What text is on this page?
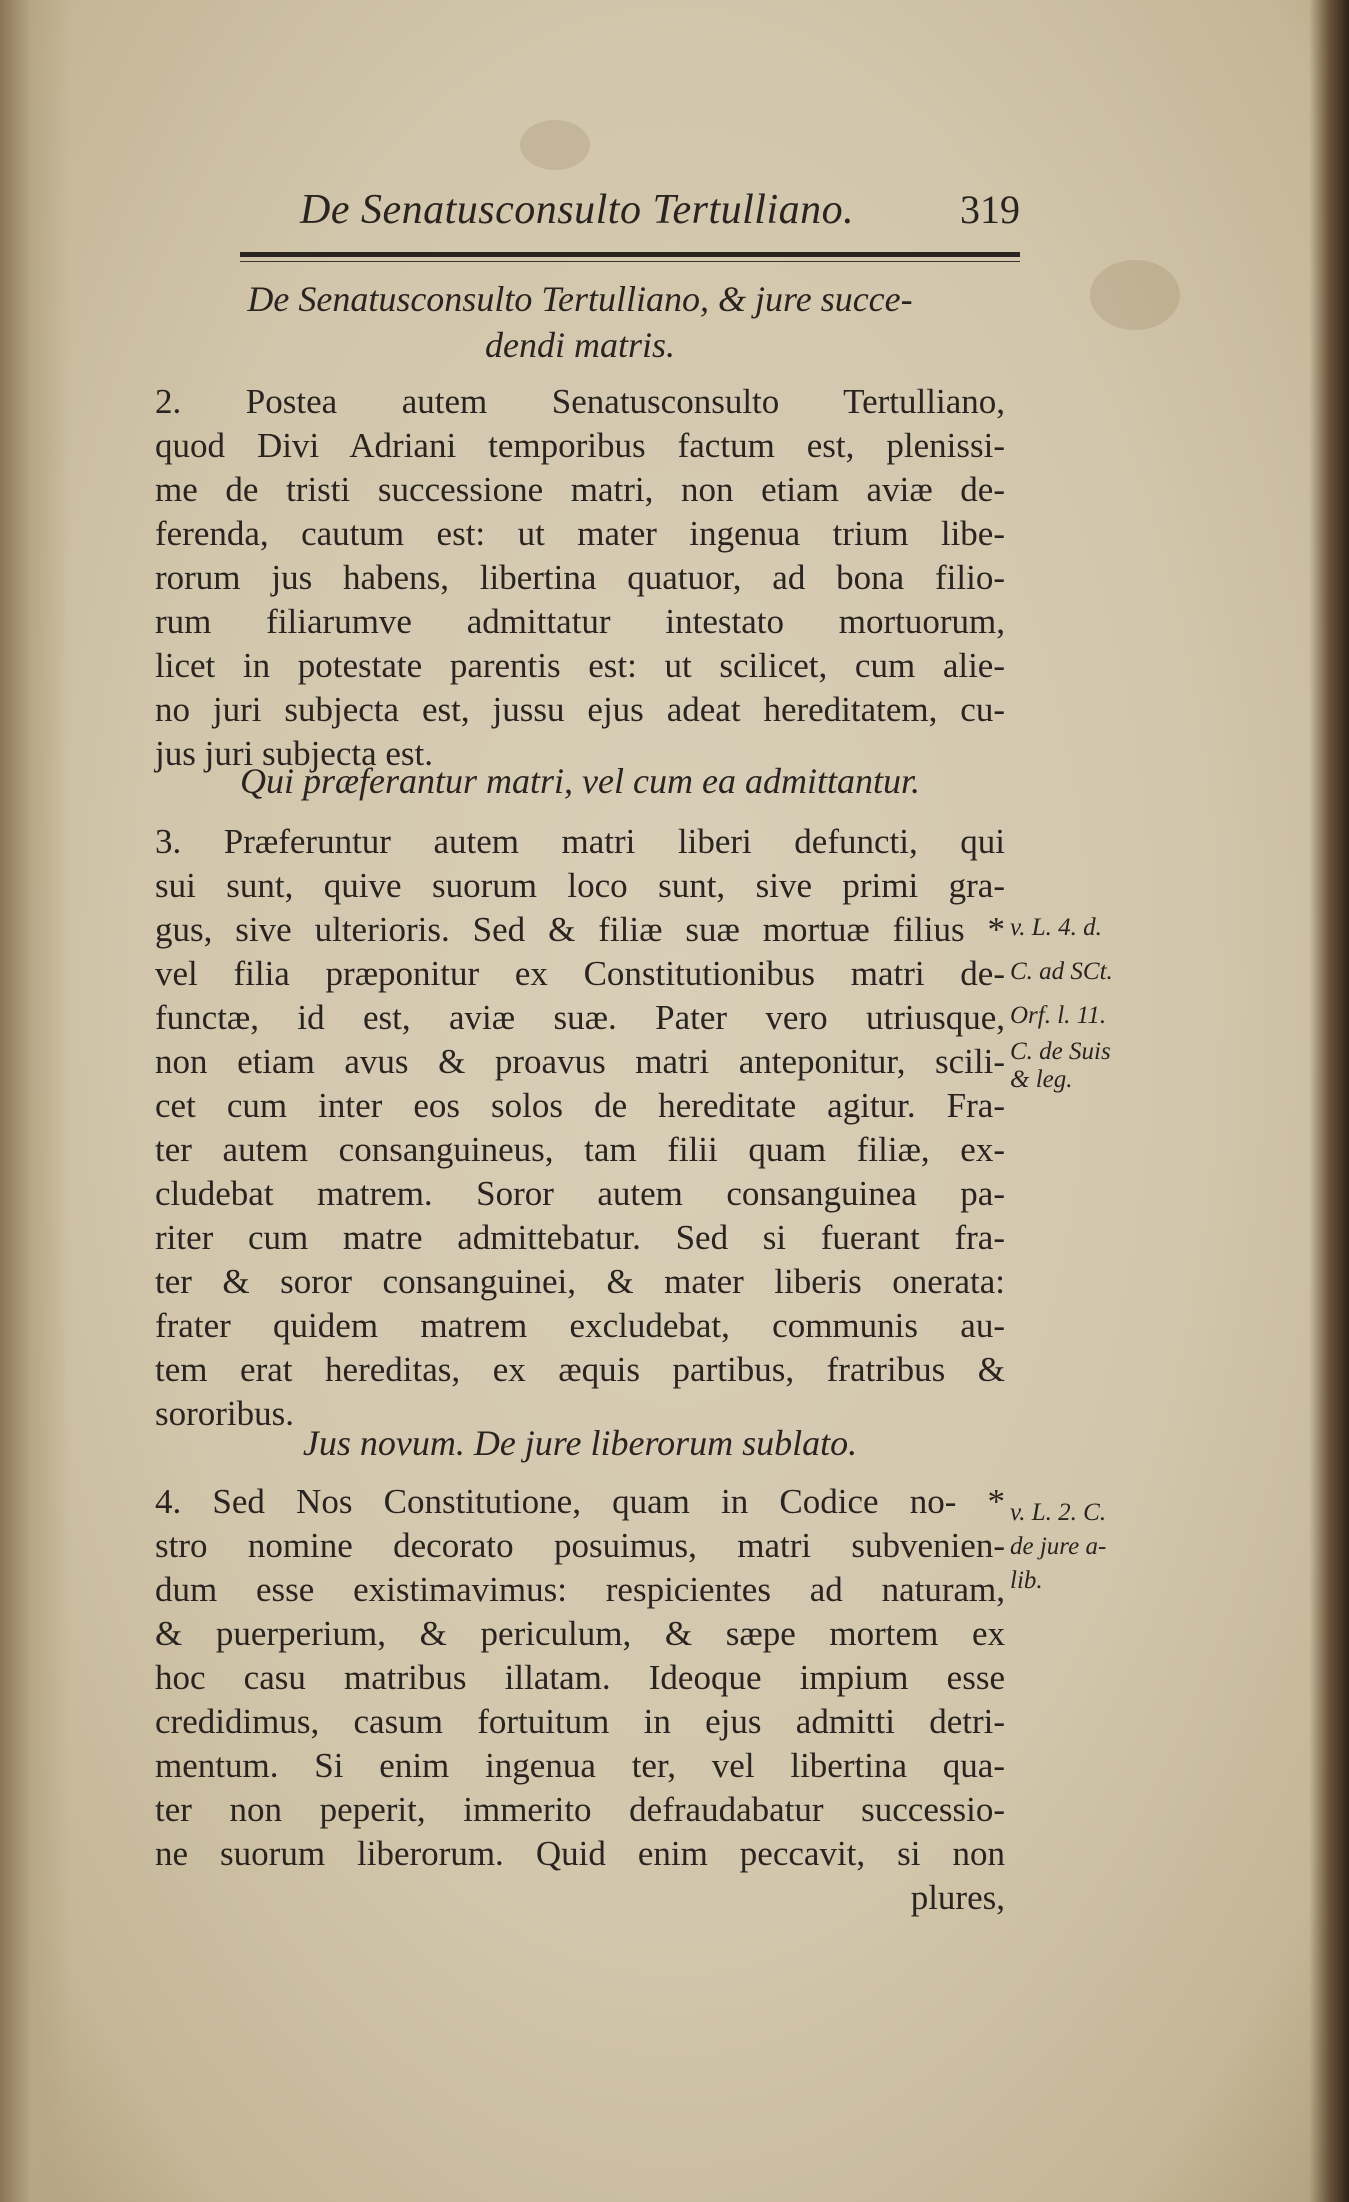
De Senatusconsulto Tertulliano.	319

De Senatusconsulto Tertulliano, & jure succe-
dendi matris.

2. Postea autem Senatusconsulto Tertulliano,
quod Divi Adriani temporibus factum est, plenissi-
me de tristi successione matri, non etiam aviæ de-
ferenda, cautum est: ut mater ingenua trium libe-
rorum jus habens, libertina quatuor, ad bona filio-
rum filiarumve admittatur intestato mortuorum,
licet in potestate parentis est: ut scilicet, cum alie-
no juri subjecta est, jussu ejus adeat hereditatem, cu-
jus juri subjecta est.

Qui præferantur matri, vel cum ea admittantur.

3. Præferuntur autem matri liberi defuncti, qui
sui sunt, quive suorum loco sunt, sive primi gra-
gus, sive ulterioris. Sed & filiæ suæ mortuæ filius *
vel filia præponitur ex Constitutionibus matri de-
functæ, id est, aviæ suæ. Pater vero utriusque,
non etiam avus & proavus matri anteponitur, scili-
cet cum inter eos solos de hereditate agitur. Fra-
ter autem consanguineus, tam filii quam filiæ, ex-
cludebat matrem. Soror autem consanguinea pa-
riter cum matre admittebatur. Sed si fuerant fra-
ter & soror consanguinei, & mater liberis onerata:
frater quidem matrem excludebat, communis au-
tem erat hereditas, ex æquis partibus, fratribus &
sororibus.
v. L. 4. d.
C. ad SCt.
Orf. l. 11.
C. de Suis
& leg.

Jus novum. De jure liberorum sublato.

4. Sed Nos Constitutione, quam in Codice no- *
stro nomine decorato posuimus, matri subvenien-
dum esse existimavimus: respicientes ad naturam,
& puerperium, & periculum, & sæpe mortem ex
hoc casu matribus illatam. Ideoque impium esse
credidimus, casum fortuitum in ejus admitti detri-
mentum. Si enim ingenua ter, vel libertina qua-
ter non peperit, immerito defraudabatur successio-
ne suorum liberorum. Quid enim peccavit, si non
plures,
v. L. 2. C.
de jure a-
lib.
